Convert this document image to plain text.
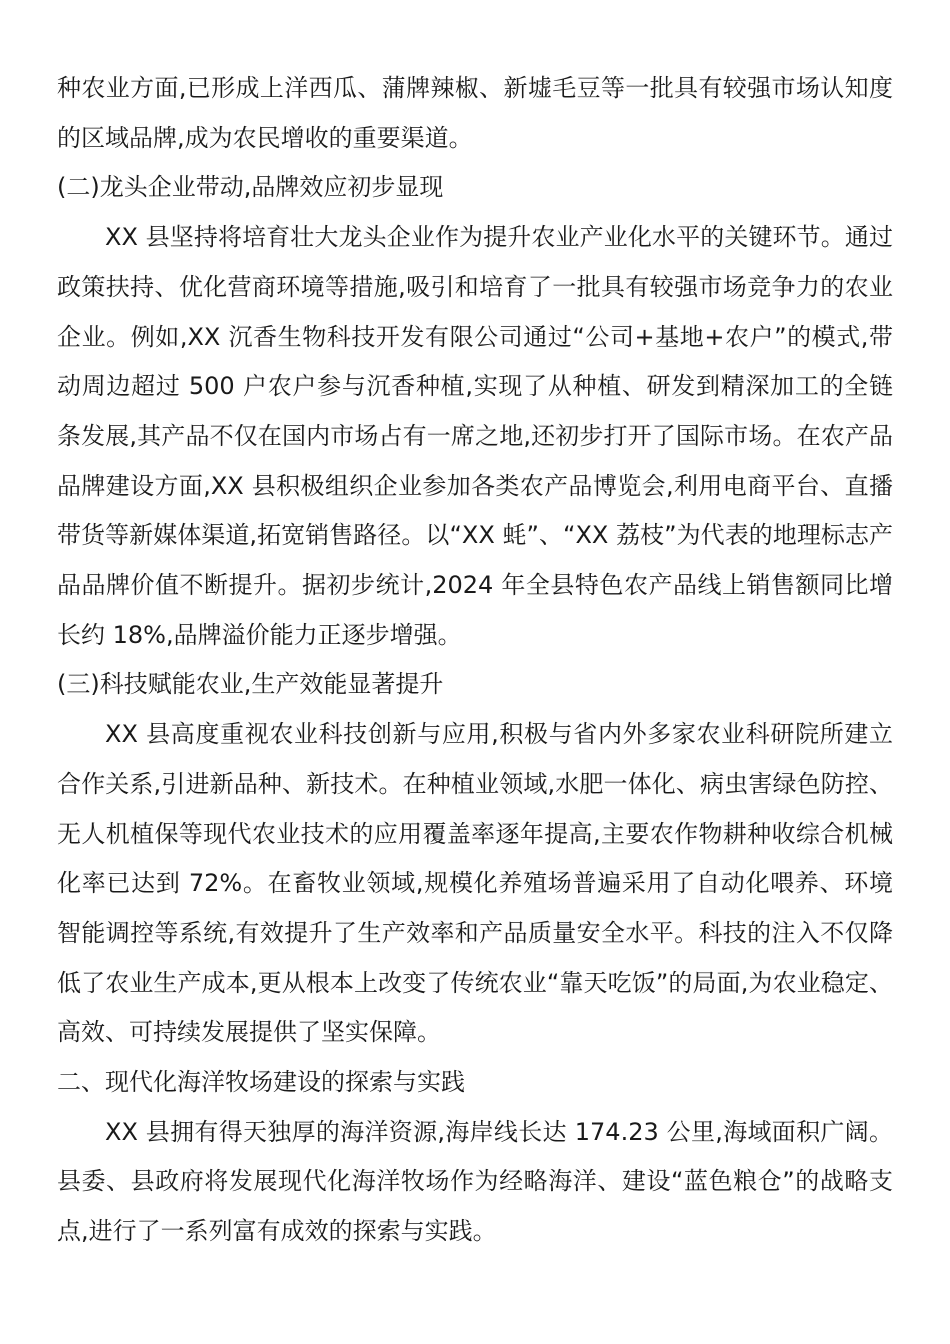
种农业方面,已形成上洋西瓜、蒲牌辣椒、新墟毛豆等一批具有较强市场认知度的区域品牌,成为农民增收的重要渠道。

(二)龙头企业带动,品牌效应初步显现

XX 县坚持将培育壮大龙头企业作为提升农业产业化水平的关键环节。通过政策扶持、优化营商环境等措施,吸引和培育了一批具有较强市场竞争力的农业企业。例如,XX 沉香生物科技开发有限公司通过“公司+基地+农户”的模式,带动周边超过 500 户农户参与沉香种植,实现了从种植、研发到精深加工的全链条发展,其产品不仅在国内市场占有一席之地,还初步打开了国际市场。在农产品品牌建设方面,XX 县积极组织企业参加各类农产品博览会,利用电商平台、直播带货等新媒体渠道,拓宽销售路径。以“XX 蚝”、“XX 荔枝”为代表的地理标志产品品牌价值不断提升。据初步统计,2024 年全县特色农产品线上销售额同比增长约 18%,品牌溢价能力正逐步增强。

(三)科技赋能农业,生产效能显著提升

XX 县高度重视农业科技创新与应用,积极与省内外多家农业科研院所建立合作关系,引进新品种、新技术。在种植业领域,水肥一体化、病虫害绿色防控、无人机植保等现代农业技术的应用覆盖率逐年提高,主要农作物耕种收综合机械化率已达到 72%。在畜牧业领域,规模化养殖场普遍采用了自动化喂养、环境智能调控等系统,有效提升了生产效率和产品质量安全水平。科技的注入不仅降低了农业生产成本,更从根本上改变了传统农业“靠天吃饭”的局面,为农业稳定、高效、可持续发展提供了坚实保障。

二、现代化海洋牧场建设的探索与实践

XX 县拥有得天独厚的海洋资源,海岸线长达 174.23 公里,海域面积广阔。县委、县政府将发展现代化海洋牧场作为经略海洋、建设“蓝色粮仓”的战略支点,进行了一系列富有成效的探索与实践。
